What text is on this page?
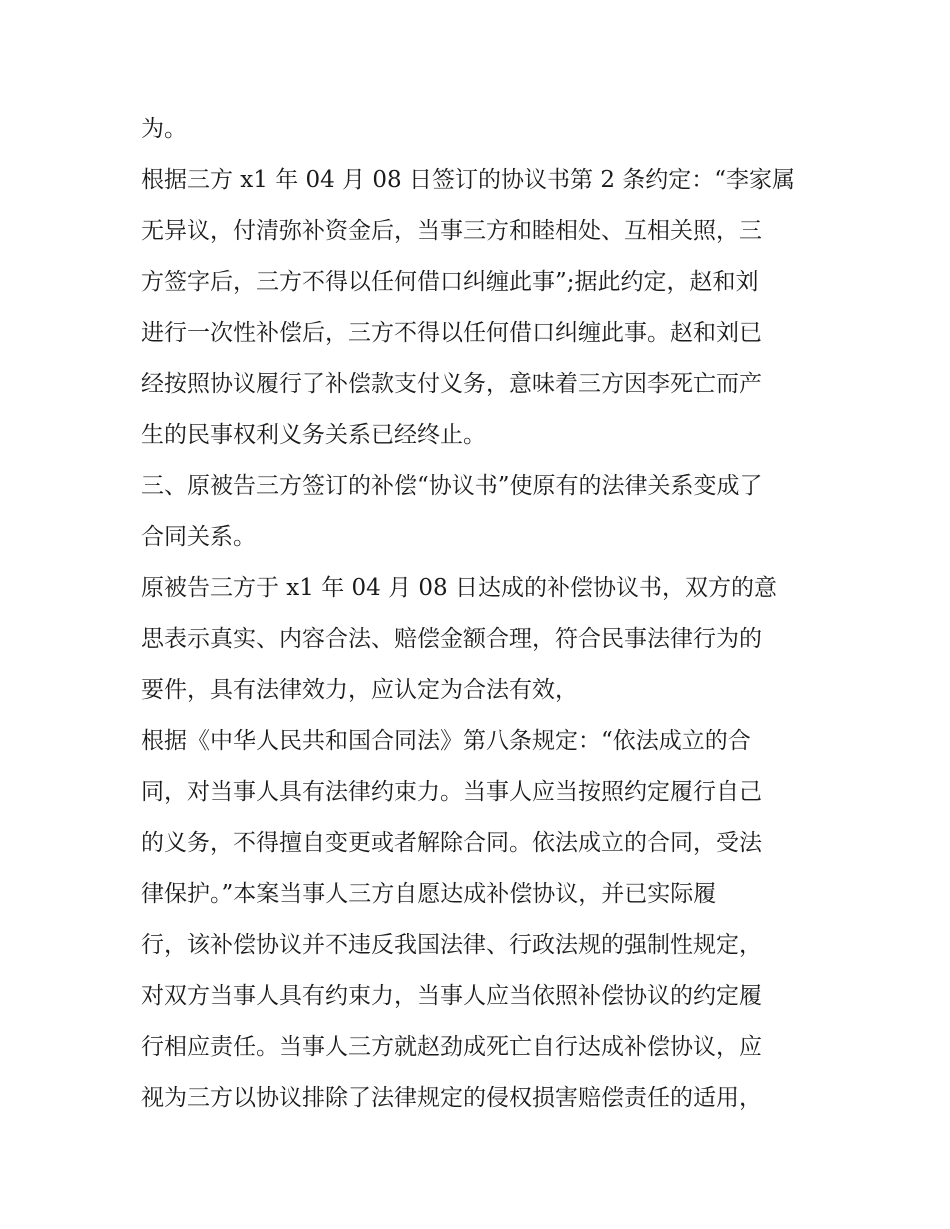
为。
根据三方 x1 年 04 月 08 日签订的协议书第 2 条约定：“李家属
无异议，付清弥补资金后，当事三方和睦相处、互相关照，三
方签字后，三方不得以任何借口纠缠此事”;据此约定，赵和刘
进行一次性补偿后，三方不得以任何借口纠缠此事。赵和刘已
经按照协议履行了补偿款支付义务，意味着三方因李死亡而产
生的民事权利义务关系已经终止。
三、原被告三方签订的补偿“协议书”使原有的法律关系变成了
合同关系。
原被告三方于 x1 年 04 月 08 日达成的补偿协议书，双方的意
思表示真实、内容合法、赔偿金额合理，符合民事法律行为的
要件，具有法律效力，应认定为合法有效，
根据《中华人民共和国合同法》第八条规定：“依法成立的合
同，对当事人具有法律约束力。当事人应当按照约定履行自己
的义务，不得擅自变更或者解除合同。依法成立的合同，受法
律保护。”本案当事人三方自愿达成补偿协议，并已实际履
行，该补偿协议并不违反我国法律、行政法规的强制性规定，
对双方当事人具有约束力，当事人应当依照补偿协议的约定履
行相应责任。当事人三方就赵劲成死亡自行达成补偿协议，应
视为三方以协议排除了法律规定的侵权损害赔偿责任的适用，
